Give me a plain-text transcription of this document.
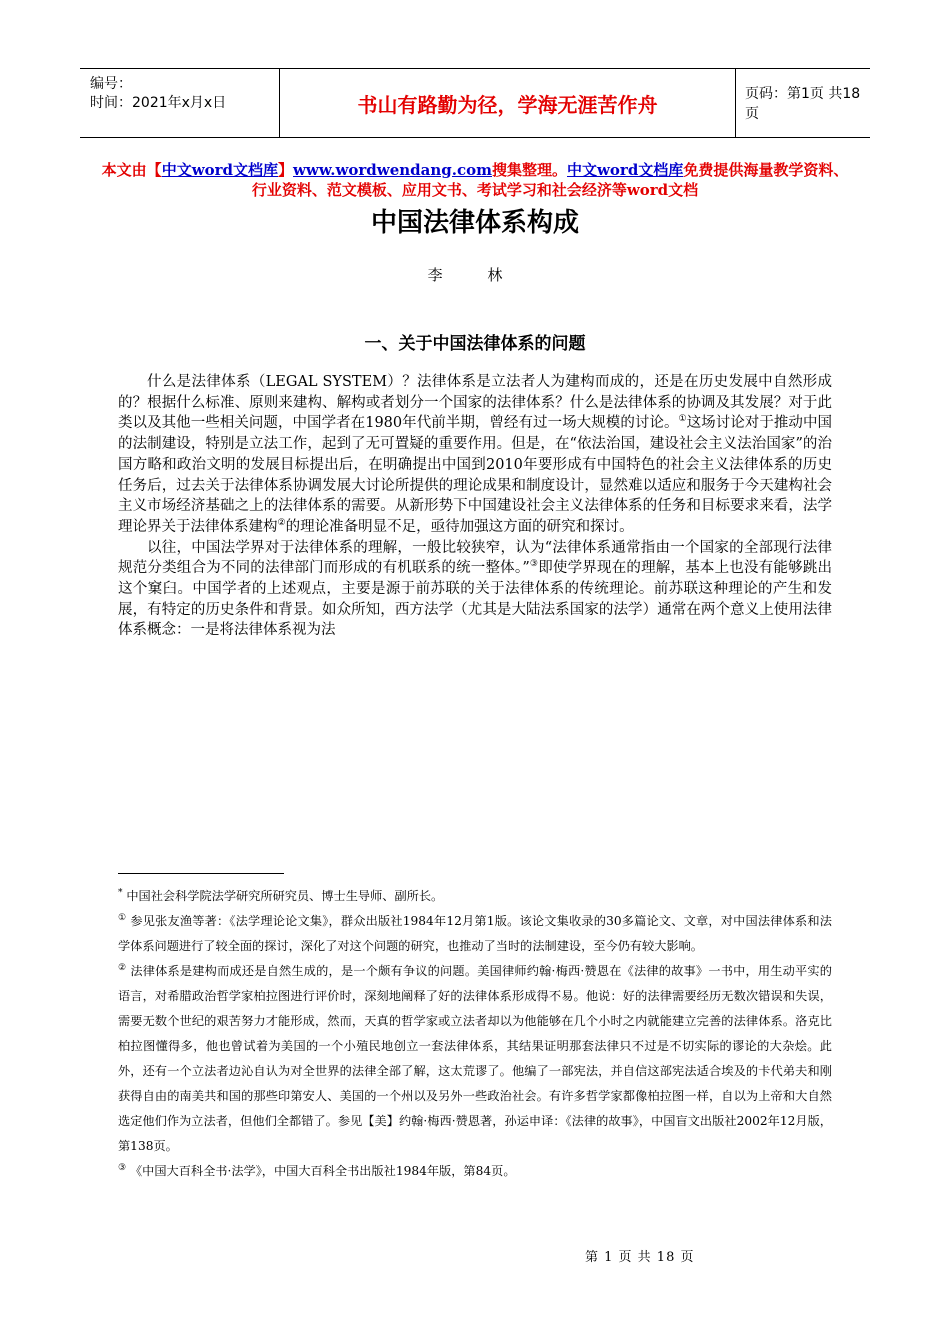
编号：
时间：2021年x月x日	书山有路勤为径，学海无涯苦作舟	页码：第1页 共18页
本文由【中文word文档库】www.wordwendang.com搜集整理。中文word文档库免费提供海量教学资料、行业资料、范文模板、应用文书、考试学习和社会经济等word文档
中国法律体系构成
李 林
一、关于中国法律体系的问题

什么是法律体系（LEGAL SYSTEM）？法律体系是立法者人为建构而成的，还是在历史发展中自然形成的？根据什么标准、原则来建构、解构或者划分一个国家的法律体系？什么是法律体系的协调及其发展？对于此类以及其他一些相关问题，中国学者在1980年代前半期，曾经有过一场大规模的讨论。①这场讨论对于推动中国的法制建设，特别是立法工作，起到了无可置疑的重要作用。但是，在“依法治国，建设社会主义法治国家”的治国方略和政治文明的发展目标提出后，在明确提出中国到2010年要形成有中国特色的社会主义法律体系的历史任务后，过去关于法律体系协调发展大讨论所提供的理论成果和制度设计，显然难以适应和服务于今天建构社会主义市场经济基础之上的法律体系的需要。从新形势下中国建设社会主义法律体系的任务和目标要求来看，法学理论界关于法律体系建构②的理论准备明显不足，亟待加强这方面的研究和探讨。

以往，中国法学界对于法律体系的理解，一般比较狭窄，认为“法律体系通常指由一个国家的全部现行法律规范分类组合为不同的法律部门而形成的有机联系的统一整体。”③即使学界现在的理解，基本上也没有能够跳出这个窠臼。中国学者的上述观点，主要是源于前苏联的关于法律体系的传统理论。前苏联这种理论的产生和发展，有特定的历史条件和背景。如众所知，西方法学（尤其是大陆法系国家的法学）通常在两个意义上使用法律体系概念：一是将法律体系视为法

* 中国社会科学院法学研究所研究员、博士生导师、副所长。

① 参见张友渔等著：《法学理论论文集》，群众出版社1984年12月第1版。该论文集收录的30多篇论文、文章，对中国法律体系和法学体系问题进行了较全面的探讨，深化了对这个问题的研究，也推动了当时的法制建设，至今仍有较大影响。

② 法律体系是建构而成还是自然生成的，是一个颇有争议的问题。美国律师约翰·梅西·赞恩在《法律的故事》一书中，用生动平实的语言，对希腊政治哲学家柏拉图进行评价时，深刻地阐释了好的法律体系形成得不易。他说：好的法律需要经历无数次错误和失误，需要无数个世纪的艰苦努力才能形成，然而，天真的哲学家或立法者却以为他能够在几个小时之内就能建立完善的法律体系。洛克比柏拉图懂得多，他也曾试着为美国的一个小殖民地创立一套法律体系，其结果证明那套法律只不过是不切实际的谬论的大杂烩。此外，还有一个立法者边沁自认为对全世界的法律全部了解，这太荒谬了。他编了一部宪法，并自信这部宪法适合埃及的卡代弟夫和刚获得自由的南美共和国的那些印第安人、美国的一个州以及另外一些政治社会。有许多哲学家都像柏拉图一样，自以为上帝和大自然选定他们作为立法者，但他们全都错了。参见【美】约翰·梅西·赞恩著，孙运申译：《法律的故事》，中国盲文出版社2002年12月版，第138页。

③ 《中国大百科全书·法学》，中国大百科全书出版社1984年版，第84页。

第 1 页 共 18 页
